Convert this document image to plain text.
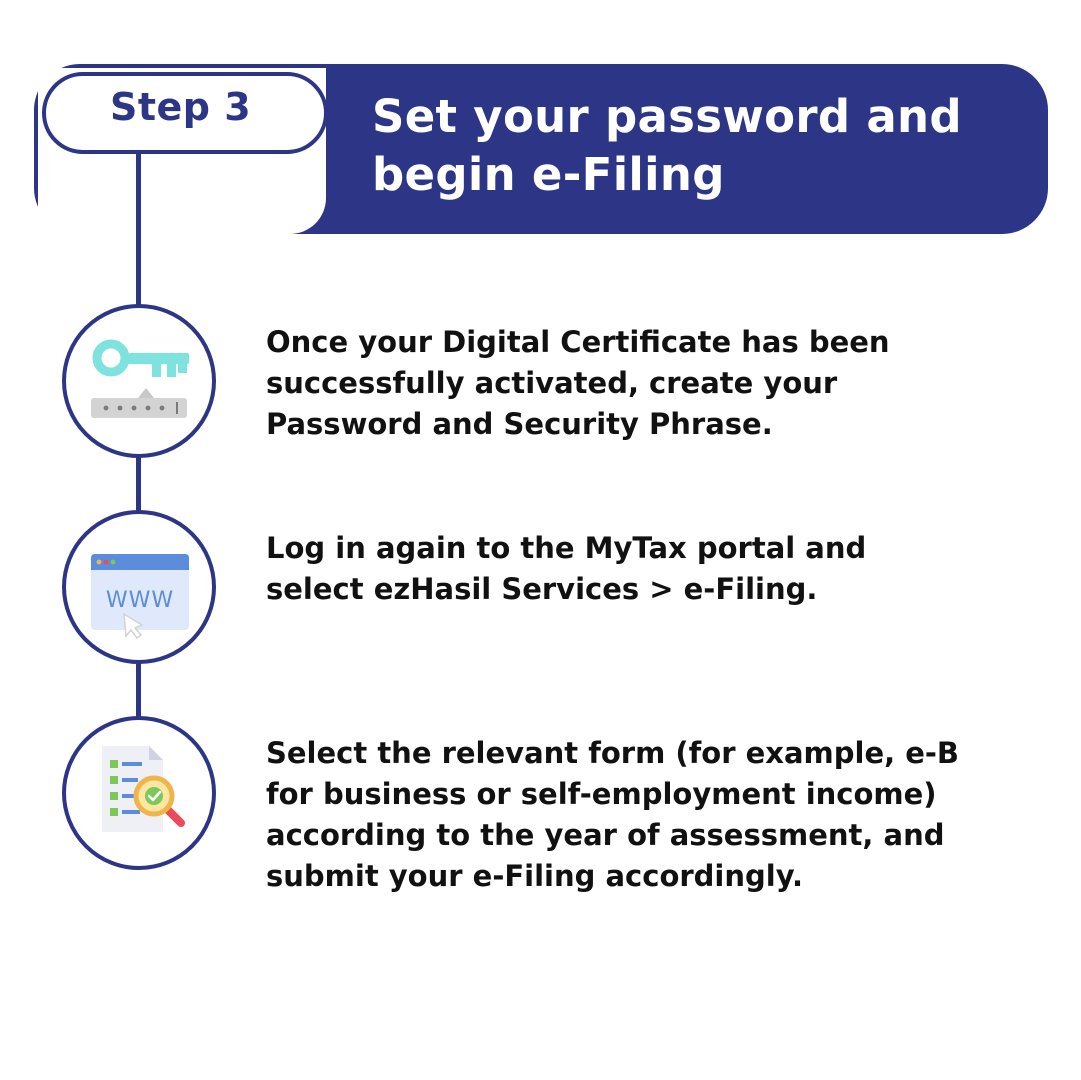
Step 3	Set your password and
begin e-Filing
Once your Digital Certificate has been
successfully activated, create your
Password and Security Phrase.
WWW
Log in again to the MyTax portal and
select ezHasil Services > e-Filing.
Select the relevant form (for example, e-B
for business or self-employment income)
according to the year of assessment, and
submit your e-Filing accordingly.
